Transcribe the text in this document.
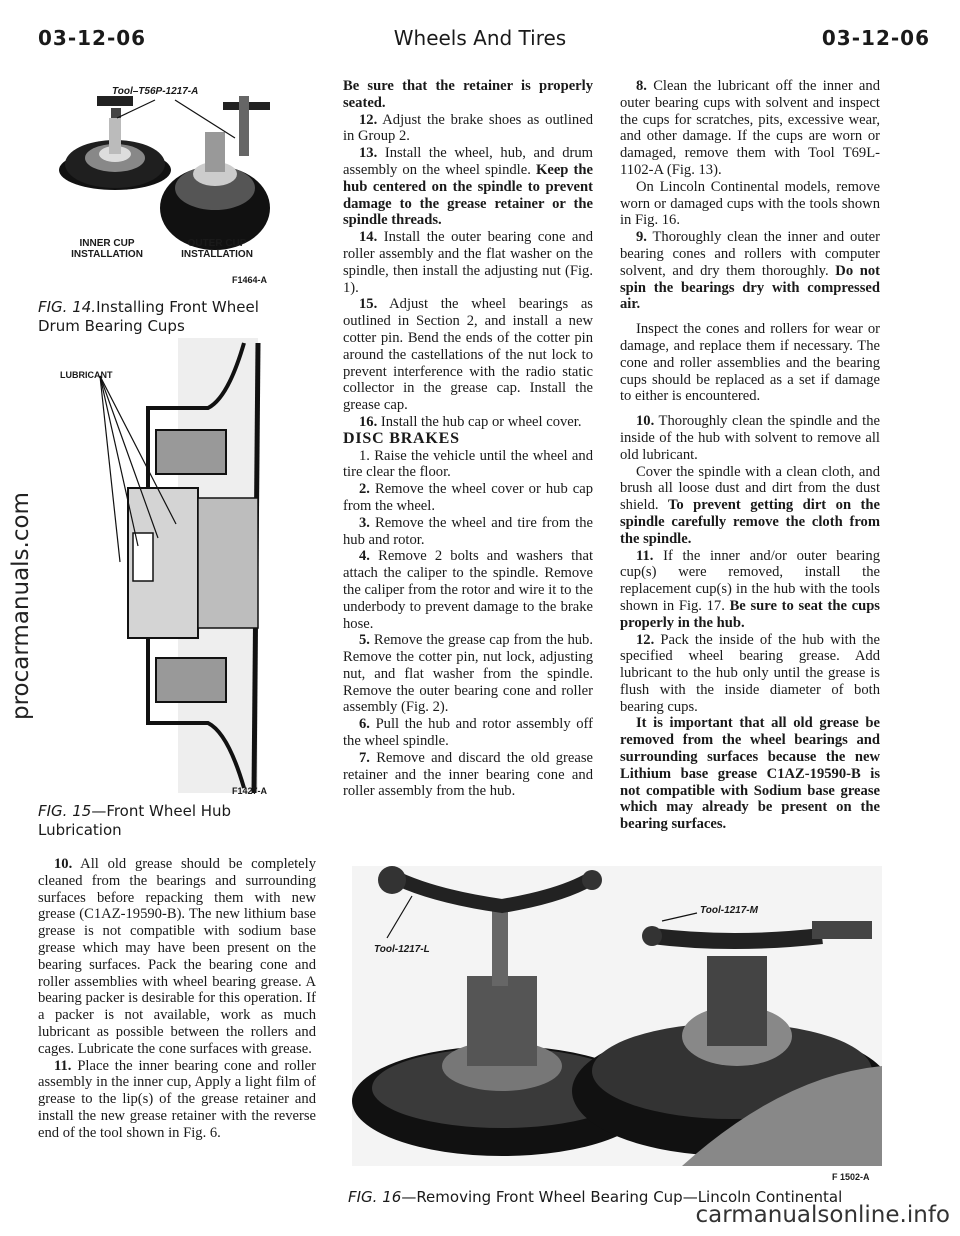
03-12-06	Wheels And Tires	03-12-06
procarmanuals.com
Tool–T56P-1217-A
INNER CUP
INSTALLATION
OUTER CUP
INSTALLATION
F1464-A
FIG. 14.Installing Front Wheel Drum Bearing Cups
LUBRICANT
F1427-A
FIG. 15—Front Wheel Hub Lubrication

10. All old grease should be completely cleaned from the bearings and surrounding surfaces before repacking them with new grease (C1AZ-19590-B). The new lithium base grease is not compatible with sodium base grease which may have been present on the bearing surfaces. Pack the bearing cone and roller assemblies with wheel bearing grease. A bearing packer is desirable for this operation. If a packer is not available, work as much lubricant as possible between the rollers and cages. Lubricate the cone surfaces with grease.

11. Place the inner bearing cone and roller assembly in the inner cup, Apply a light film of grease to the lip(s) of the grease retainer and install the new grease retainer with the reverse end of the tool shown in Fig. 6.

Be sure that the retainer is properly seated.

12. Adjust the brake shoes as outlined in Group 2.

13. Install the wheel, hub, and drum assembly on the wheel spindle. Keep the hub centered on the spindle to prevent damage to the grease retainer or the spindle threads.

14. Install the outer bearing cone and roller assembly and the flat washer on the spindle, then install the adjusting nut (Fig. 1).

15. Adjust the wheel bearings as outlined in Section 2, and install a new cotter pin. Bend the ends of the cotter pin around the castellations of the nut lock to prevent interference with the radio static collector in the grease cap. Install the grease cap.

16. Install the hub cap or wheel cover.

DISC BRAKES

1. Raise the vehicle until the wheel and tire clear the floor.

2. Remove the wheel cover or hub cap from the wheel.

3. Remove the wheel and tire from the hub and rotor.

4. Remove 2 bolts and washers that attach the caliper to the spindle. Remove the caliper from the rotor and wire it to the underbody to prevent damage to the brake hose.

5. Remove the grease cap from the hub. Remove the cotter pin, nut lock, adjusting nut, and flat washer from the spindle. Remove the outer bearing cone and roller assembly (Fig. 2).

6. Pull the hub and rotor assembly off the wheel spindle.

7. Remove and discard the old grease retainer and the inner bearing cone and roller assembly from the hub.

8. Clean the lubricant off the inner and outer bearing cups with solvent and inspect the cups for scratches, pits, excessive wear, and other damage. If the cups are worn or damaged, remove them with Tool T69L-1102-A (Fig. 13).

On Lincoln Continental models, remove worn or damaged cups with the tools shown in Fig. 16.

9. Thoroughly clean the inner and outer bearing cones and rollers with computer solvent, and dry them thoroughly. Do not spin the bearings dry with compressed air.

Inspect the cones and rollers for wear or damage, and replace them if necessary. The cone and roller assemblies and the bearing cups should be replaced as a set if damage to either is encountered.

10. Thoroughly clean the spindle and the inside of the hub with solvent to remove all old lubricant.

Cover the spindle with a clean cloth, and brush all loose dust and dirt from the dust shield. To prevent getting dirt on the spindle carefully remove the cloth from the spindle.

11. If the inner and/or outer bearing cup(s) were removed, install the replacement cup(s) in the hub with the tools shown in Fig. 17. Be sure to seat the cups properly in the hub.

12. Pack the inside of the hub with the specified wheel bearing grease. Add lubricant to the hub only until the grease is flush with the inside diameter of both bearing cups.

It is important that all old grease be removed from the wheel bearings and surrounding surfaces because the new Lithium base grease C1AZ-19590-B is not compatible with Sodium base grease which may already be present on the bearing surfaces.

Tool-1217-L
Tool-1217-M
F 1502-A
FIG. 16—Removing Front Wheel Bearing Cup—Lincoln Continental
carmanualsonline.info
